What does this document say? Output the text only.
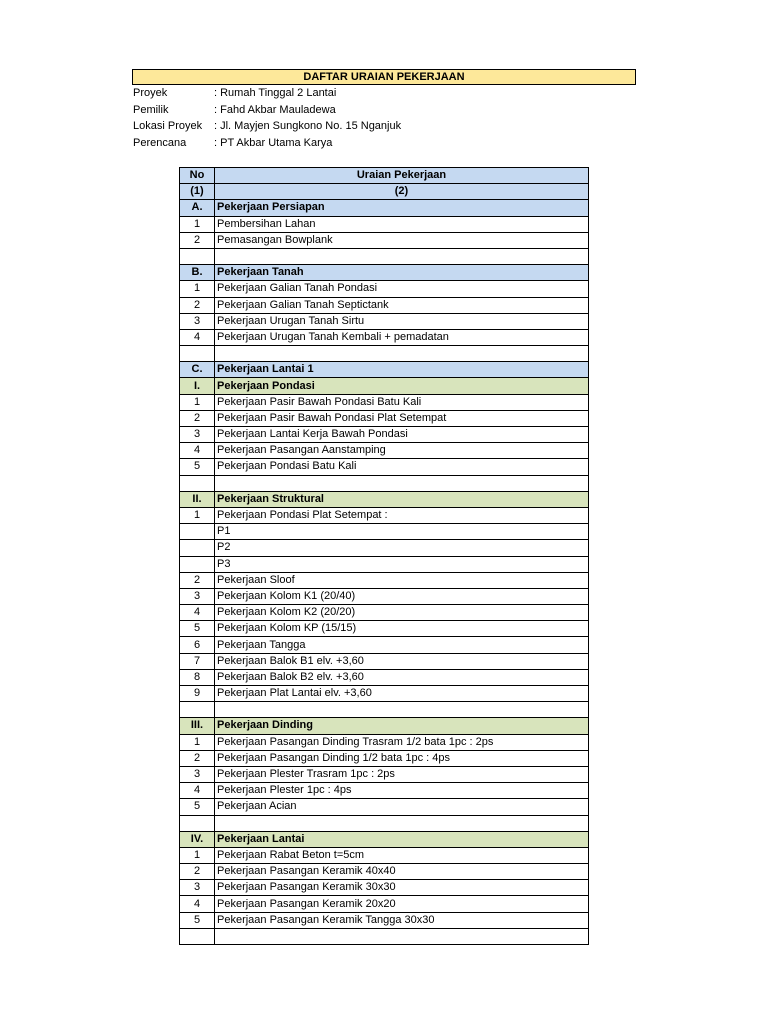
DAFTAR URAIAN PEKERJAAN
Proyek	: Rumah Tinggal 2 Lantai
Pemilik	: Fahd Akbar Mauladewa
Lokasi Proyek	: Jl. Mayjen Sungkono No. 15 Nganjuk
Perencana	: PT Akbar Utama Karya
No	Uraian Pekerjaan
(1)	(2)
A.	Pekerjaan Persiapan
1	Pembersihan Lahan
2	Pemasangan Bowplank

B.	Pekerjaan Tanah
1	Pekerjaan Galian Tanah Pondasi
2	Pekerjaan Galian Tanah Septictank
3	Pekerjaan Urugan Tanah Sirtu
4	Pekerjaan Urugan Tanah Kembali + pemadatan

C.	Pekerjaan Lantai 1
I.	Pekerjaan Pondasi
1	Pekerjaan Pasir Bawah Pondasi Batu Kali
2	Pekerjaan Pasir Bawah Pondasi Plat Setempat
3	Pekerjaan Lantai Kerja Bawah Pondasi
4	Pekerjaan Pasangan Aanstamping
5	Pekerjaan Pondasi Batu Kali

II.	Pekerjaan Struktural
1	Pekerjaan Pondasi Plat Setempat :
	P1
	P2
	P3
2	Pekerjaan Sloof
3	Pekerjaan Kolom K1 (20/40)
4	Pekerjaan Kolom K2 (20/20)
5	Pekerjaan Kolom KP (15/15)
6	Pekerjaan Tangga
7	Pekerjaan Balok B1 elv. +3,60
8	Pekerjaan Balok B2 elv. +3,60
9	Pekerjaan Plat Lantai elv. +3,60

III.	Pekerjaan Dinding
1	Pekerjaan Pasangan Dinding Trasram 1/2 bata 1pc : 2ps
2	Pekerjaan Pasangan Dinding 1/2 bata 1pc : 4ps
3	Pekerjaan Plester Trasram 1pc : 2ps
4	Pekerjaan Plester 1pc : 4ps
5	Pekerjaan Acian

IV.	Pekerjaan Lantai
1	Pekerjaan Rabat Beton t=5cm
2	Pekerjaan Pasangan Keramik 40x40
3	Pekerjaan Pasangan Keramik 30x30
4	Pekerjaan Pasangan Keramik 20x20
5	Pekerjaan Pasangan Keramik Tangga 30x30
